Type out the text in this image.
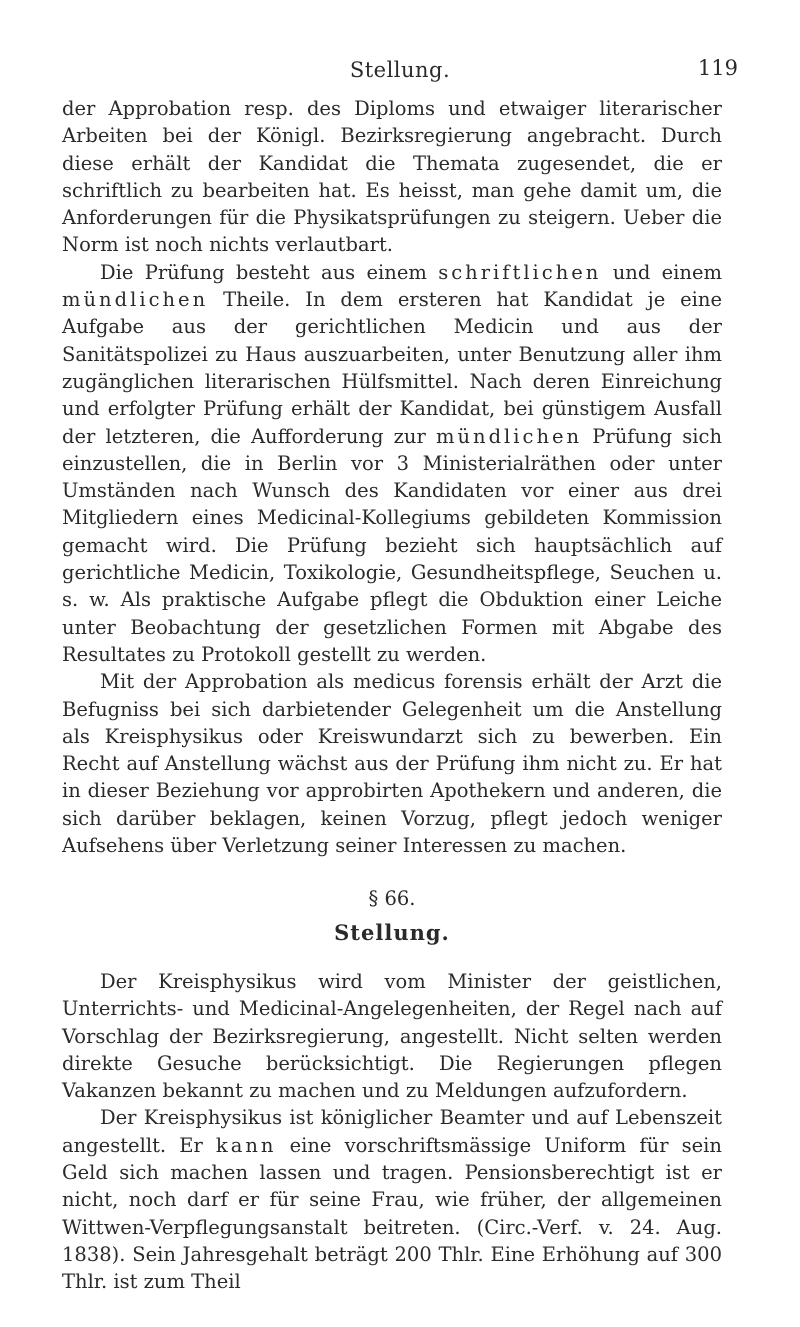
Stellung.	119

der Approbation resp. des Diploms und etwaiger literarischer Arbeiten bei der Königl. Bezirksregierung angebracht. Durch diese erhält der Kandidat die Themata zugesendet, die er schriftlich zu bearbeiten hat. Es heisst, man gehe damit um, die Anforderungen für die Physikatsprüfungen zu steigern. Ueber die Norm ist noch nichts verlautbart.

Die Prüfung besteht aus einem schriftlichen und einem mündlichen Theile. In dem ersteren hat Kandidat je eine Aufgabe aus der gerichtlichen Medicin und aus der Sanitätspolizei zu Haus auszuarbeiten, unter Benutzung aller ihm zugänglichen literarischen Hülfsmittel. Nach deren Einreichung und erfolgter Prüfung erhält der Kandidat, bei günstigem Ausfall der letzteren, die Aufforderung zur mündlichen Prüfung sich einzustellen, die in Berlin vor 3 Ministerialräthen oder unter Umständen nach Wunsch des Kandidaten vor einer aus drei Mitgliedern eines Medicinal-Kollegiums gebildeten Kommission gemacht wird. Die Prüfung bezieht sich hauptsächlich auf gerichtliche Medicin, Toxikologie, Gesundheitspflege, Seuchen u. s. w. Als praktische Aufgabe pflegt die Obduktion einer Leiche unter Beobachtung der gesetzlichen Formen mit Abgabe des Resultates zu Protokoll gestellt zu werden.

Mit der Approbation als medicus forensis erhält der Arzt die Befugniss bei sich darbietender Gelegenheit um die Anstellung als Kreisphysikus oder Kreiswundarzt sich zu bewerben. Ein Recht auf Anstellung wächst aus der Prüfung ihm nicht zu. Er hat in dieser Beziehung vor approbirten Apothekern und anderen, die sich darüber beklagen, keinen Vorzug, pflegt jedoch weniger Aufsehens über Verletzung seiner Interessen zu machen.

§ 66.
Stellung.

Der Kreisphysikus wird vom Minister der geistlichen, Unterrichts- und Medicinal-Angelegenheiten, der Regel nach auf Vorschlag der Bezirksregierung, angestellt. Nicht selten werden direkte Gesuche berücksichtigt. Die Regierungen pflegen Vakanzen bekannt zu machen und zu Meldungen aufzufordern.

Der Kreisphysikus ist königlicher Beamter und auf Lebenszeit angestellt. Er kann eine vorschriftsmässige Uniform für sein Geld sich machen lassen und tragen. Pensionsberechtigt ist er nicht, noch darf er für seine Frau, wie früher, der allgemeinen Wittwen-Verpflegungsanstalt beitreten. (Circ.-Verf. v. 24. Aug. 1838). Sein Jahresgehalt beträgt 200 Thlr. Eine Erhöhung auf 300 Thlr. ist zum Theil
